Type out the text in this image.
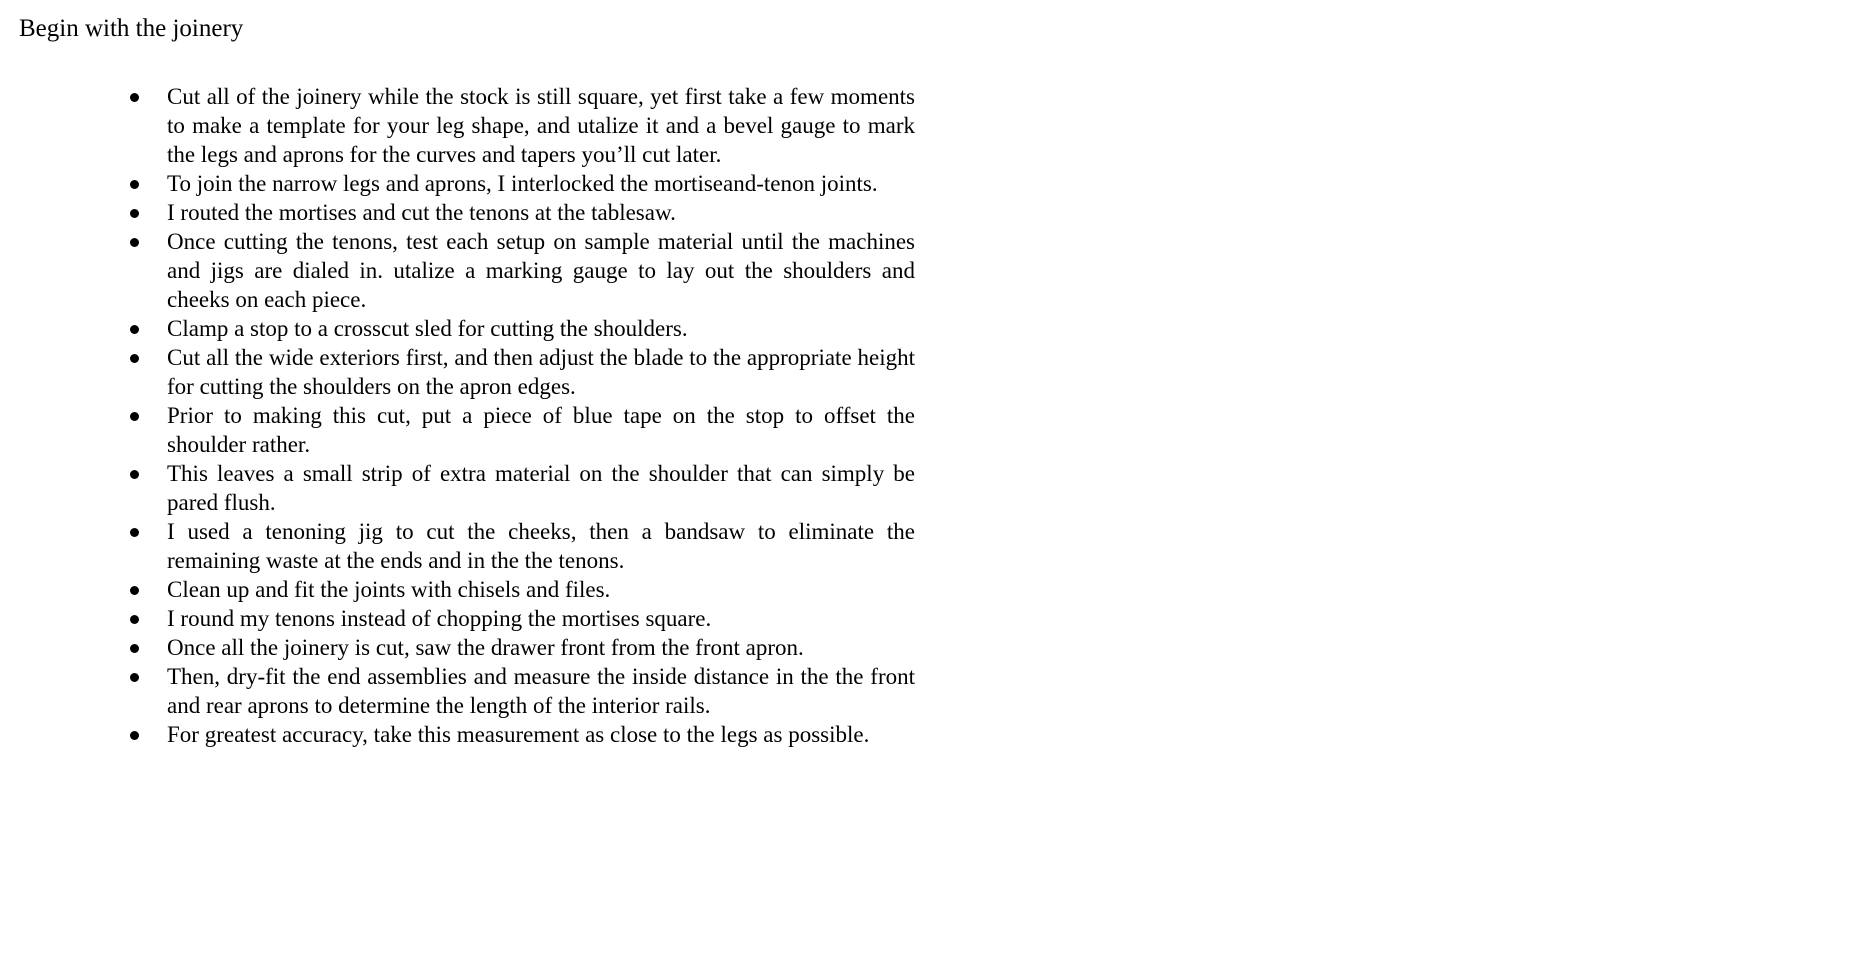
Begin with the joinery
Cut all of the joinery while the stock is still square, yet first take a few moments to make a template for your leg shape, and utalize it and a bevel gauge to mark the legs and aprons for the curves and tapers you’ll cut later.
To join the narrow legs and aprons, I interlocked the mortiseand-tenon joints.
I routed the mortises and cut the tenons at the tablesaw.
Once cutting the tenons, test each setup on sample material until the machines and jigs are dialed in. utalize a marking gauge to lay out the shoulders and cheeks on each piece.
Clamp a stop to a crosscut sled for cutting the shoulders.
Cut all the wide exteriors first, and then adjust the blade to the appropriate height for cutting the shoulders on the apron edges.
Prior to making this cut, put a piece of blue tape on the stop to offset the shoulder rather.
This leaves a small strip of extra material on the shoulder that can simply be pared flush.
I used a tenoning jig to cut the cheeks, then a bandsaw to eliminate the remaining waste at the ends and in the the tenons.
Clean up and fit the joints with chisels and files.
I round my tenons instead of chopping the mortises square.
Once all the joinery is cut, saw the drawer front from the front apron.
Then, dry-fit the end assemblies and measure the inside distance in the the front and rear aprons to determine the length of the interior rails.
For greatest accuracy, take this measurement as close to the legs as possible.
